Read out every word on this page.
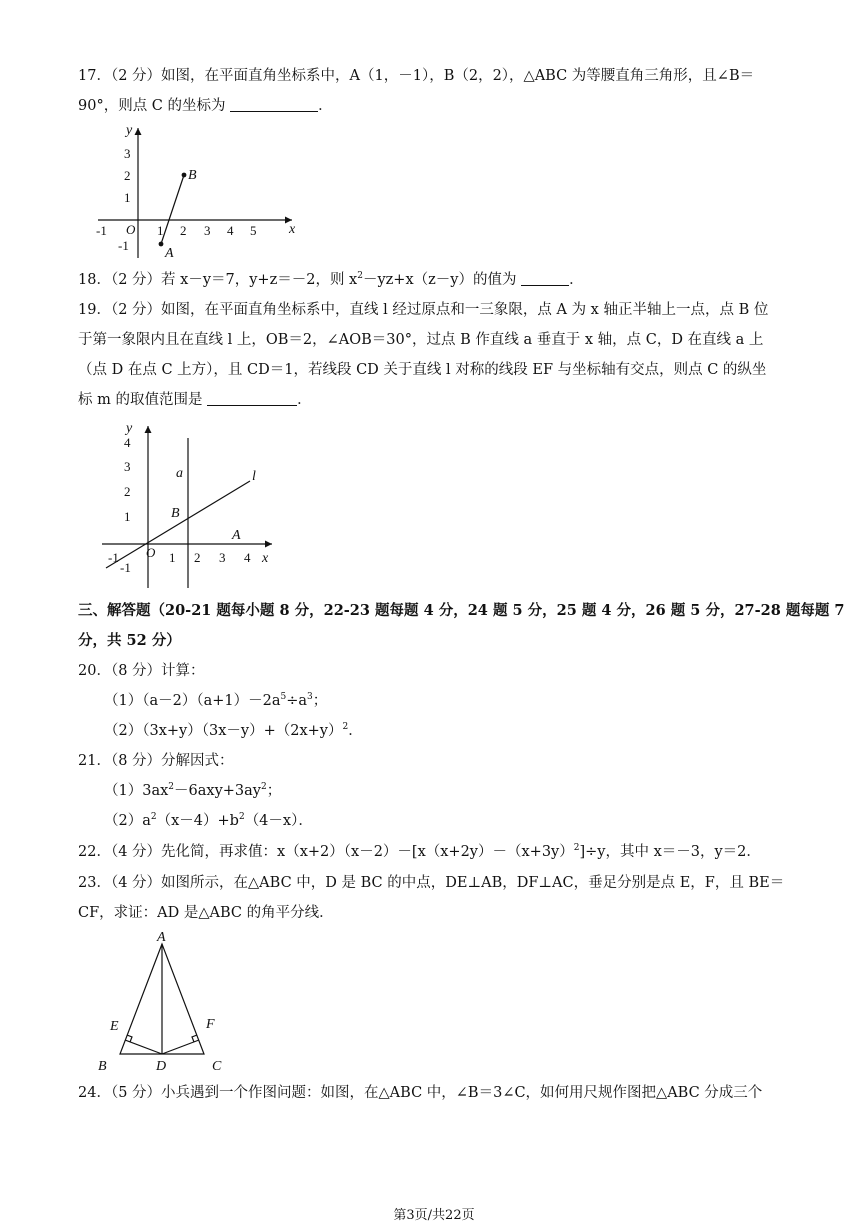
17．（2 分）如图，在平面直角坐标系中，A（1，－1），B（2，2），△ABC 为等腰直角三角形，且∠B＝
90°，则点 C 的坐标为	．
-1	1 2 3 4 5
3
2
1
-1
O	x
y
A
B
18．（2 分）若 x－y＝7，y+z＝－2，则 $x^2-yz+x(z-y)$的值为	．
19．（2 分）如图，在平面直角坐标系中，直线 l 经过原点和一三象限，点 A 为 x 轴正半轴上一点，点 B 位
于第一象限内且在直线 l 上，OB＝2，∠AOB＝30°，过点 B 作直线 a 垂直于 x 轴，点 C，D 在直线 a 上
（点 D 在点 C 上方），且 CD＝1，若线段 CD 关于直线 l 对称的线段 EF 与坐标轴有交点，则点 C 的纵坐
标 m 的取值范围是	．
-1	1 2 3 4
4
3
2
1
-1
O	x
y
a	l
A
B
三、解答题（20-21 题每小题 8 分，22-23 题每题 4 分，24 题 5 分，25 题 4 分，26 题 5 分，27-28 题每题 7
分，共 52 分）
20．（8 分）计算：
$(1)(a-2)(a+1)-2a^5\div a^3$；
$(2)(3x+y)(3x-y)+(2x+y)^2$．
21．（8 分）分解因式：
$(1)3ax^2-6axy+3ay^2$；
$(2)a^2(x-4)+b^2(4-x)$．
22．（4 分）先化简，再求值：$x(x+2)(x-2)-[x(x+2y)-(x+3y)^2]\div y$，其中 x＝－3，y＝2．
23．（4 分）如图所示，在△ABC 中，D 是 BC 的中点，DE⊥AB，DF⊥AC，垂足分别是点 E，F，且 BE＝
CF，求证：AD 是△ABC 的角平分线．
A
B	C
D
E	F
24．（5 分）小兵遇到一个作图问题：如图，在△ABC 中，∠B＝3∠C，如何用尺规作图把△ABC 分成三个
第3页/共22页
